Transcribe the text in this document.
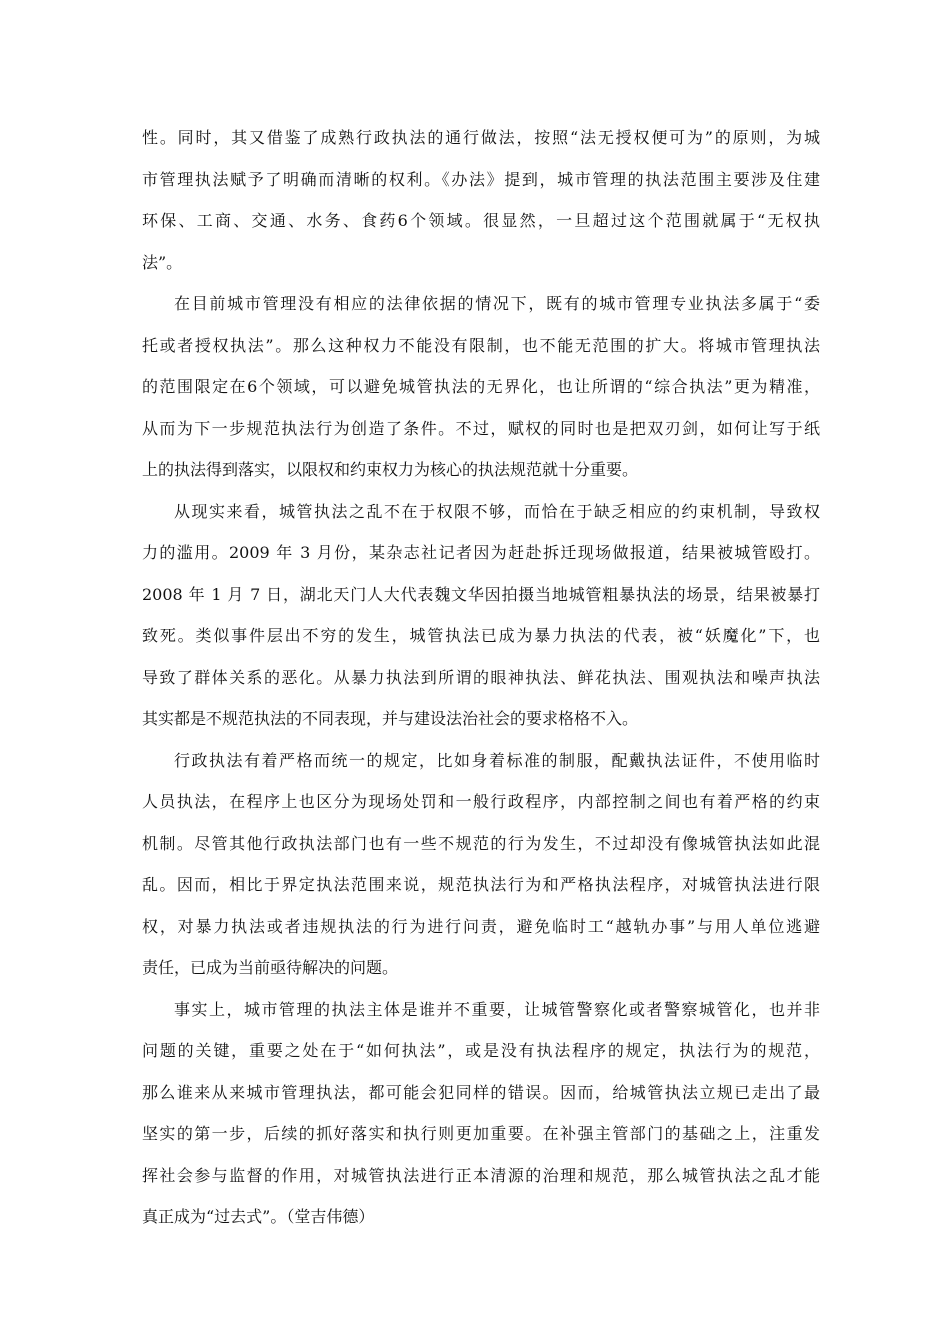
性。同时，其又借鉴了成熟行政执法的通行做法，按照“法无授权便可为”的原则，为城
市管理执法赋予了明确而清晰的权利。《办法》提到，城市管理的执法范围主要涉及住建
环保、工商、交通、水务、食药6个领域。很显然，一旦超过这个范围就属于“无权执
法”。
在目前城市管理没有相应的法律依据的情况下，既有的城市管理专业执法多属于“委
托或者授权执法”。那么这种权力不能没有限制，也不能无范围的扩大。将城市管理执法
的范围限定在6个领域，可以避免城管执法的无界化，也让所谓的“综合执法”更为精准，
从而为下一步规范执法行为创造了条件。不过，赋权的同时也是把双刃剑，如何让写于纸
上的执法得到落实，以限权和约束权力为核心的执法规范就十分重要。
从现实来看，城管执法之乱不在于权限不够，而恰在于缺乏相应的约束机制，导致权
力的滥用。2009 年 3 月份，某杂志社记者因为赶赴拆迁现场做报道，结果被城管殴打。
2008 年 1 月 7 日，湖北天门人大代表魏文华因拍摄当地城管粗暴执法的场景，结果被暴打
致死。类似事件层出不穷的发生，城管执法已成为暴力执法的代表，被“妖魔化”下，也
导致了群体关系的恶化。从暴力执法到所谓的眼神执法、鲜花执法、围观执法和噪声执法
其实都是不规范执法的不同表现，并与建设法治社会的要求格格不入。
行政执法有着严格而统一的规定，比如身着标准的制服，配戴执法证件，不使用临时
人员执法，在程序上也区分为现场处罚和一般行政程序，内部控制之间也有着严格的约束
机制。尽管其他行政执法部门也有一些不规范的行为发生，不过却没有像城管执法如此混
乱。因而，相比于界定执法范围来说，规范执法行为和严格执法程序，对城管执法进行限
权，对暴力执法或者违规执法的行为进行问责，避免临时工“越轨办事”与用人单位逃避
责任，已成为当前亟待解决的问题。
事实上，城市管理的执法主体是谁并不重要，让城管警察化或者警察城管化，也并非
问题的关键，重要之处在于“如何执法”，或是没有执法程序的规定，执法行为的规范，
那么谁来从来城市管理执法，都可能会犯同样的错误。因而，给城管执法立规已走出了最
坚实的第一步，后续的抓好落实和执行则更加重要。在补强主管部门的基础之上，注重发
挥社会参与监督的作用，对城管执法进行正本清源的治理和规范，那么城管执法之乱才能
真正成为“过去式”。（堂吉伟德）
